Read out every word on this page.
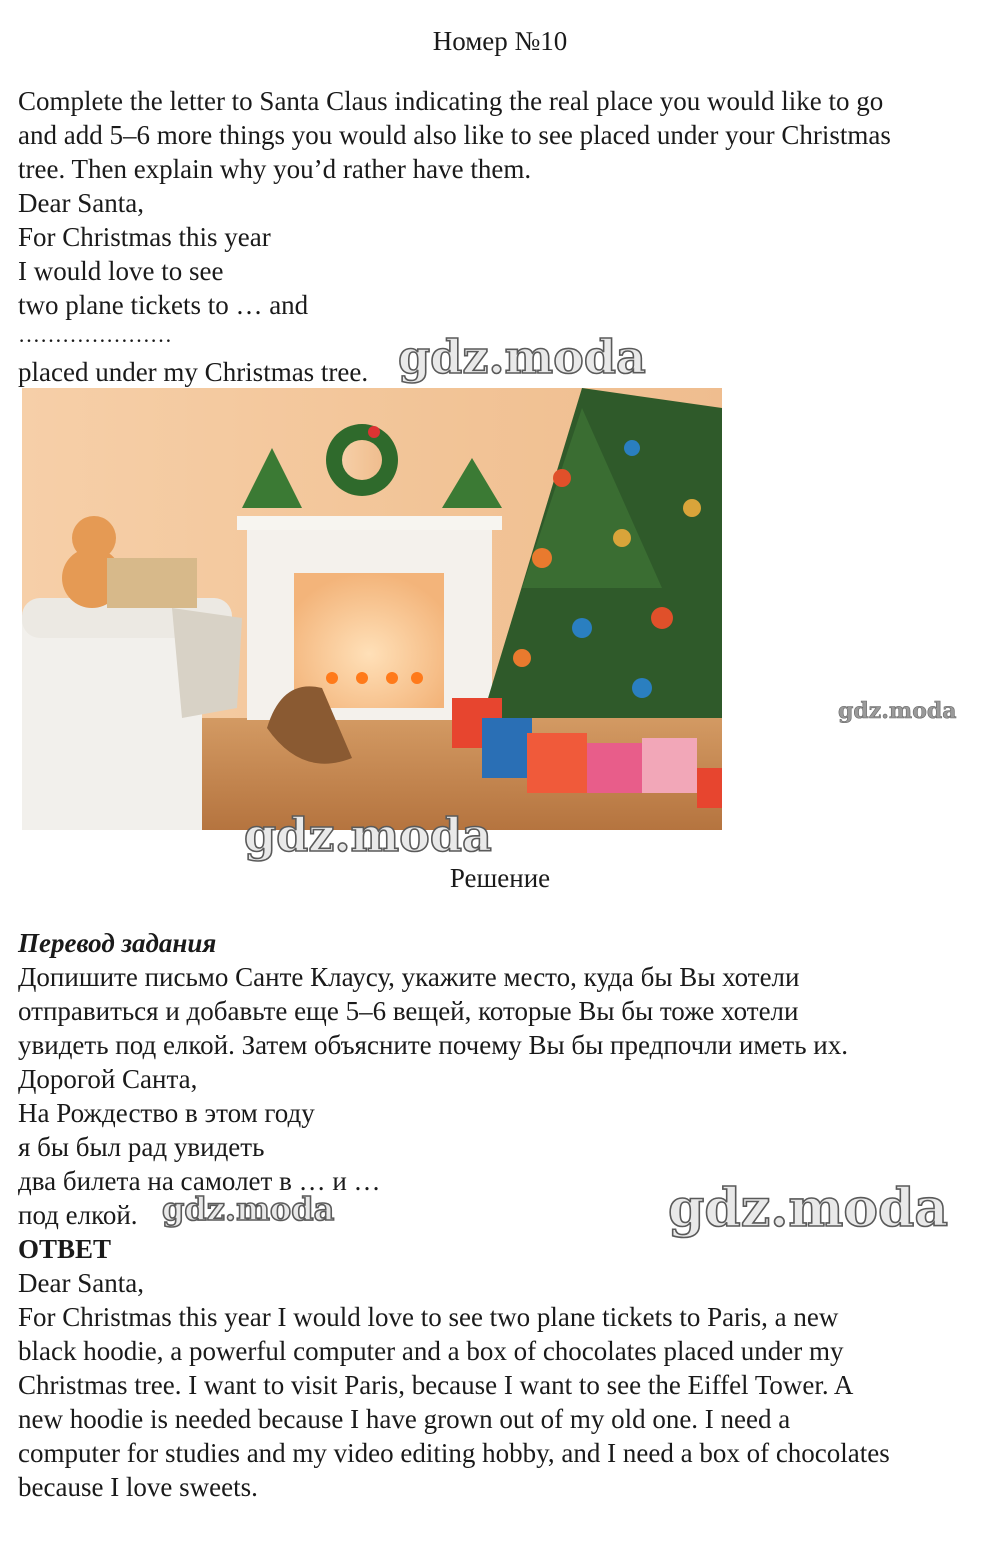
Номер №10
Complete the letter to Santa Claus indicating the real place you would like to go
and add 5–6 more things you would also like to see placed under your Christmas
tree. Then explain why you’d rather have them.
Dear Santa,
For Christmas this year
I would love to see
two plane tickets to … and
…………………
placed under my Christmas tree. gdz.moda
gdz.moda
gdz.moda
Решение
Перевод задания
Допишите письмо Санте Клаусу, укажите место, куда бы Вы хотели
отправиться и добавьте еще 5–6 вещей, которые Вы бы тоже хотели
увидеть под елкой. Затем объясните почему Вы бы предпочли иметь их.
Дорогой Санта,
На Рождество в этом году
я бы был рад увидеть
два билета на самолет в … и …
под елкой. gdz.moda	gdz.moda
ОТВЕТ
Dear Santa,
For Christmas this year I would love to see two plane tickets to Paris, a new
black hoodie, a powerful computer and a box of chocolates placed under my
Christmas tree. I want to visit Paris, because I want to see the Eiffel Tower. A
new hoodie is needed because I have grown out of my old one. I need a
computer for studies and my video editing hobby, and I need a box of chocolates
because I love sweets.
